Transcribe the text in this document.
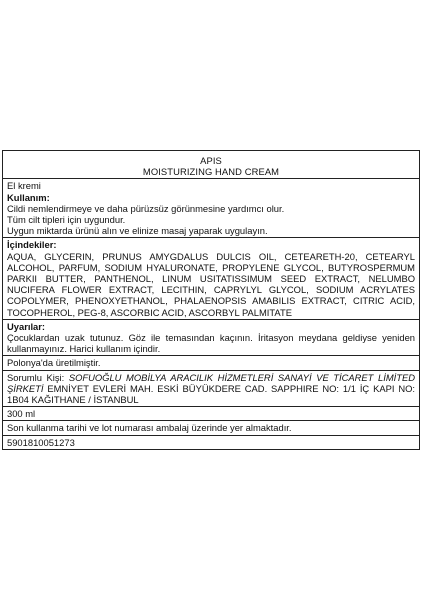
APIS
MOISTURIZING HAND CREAM
El kremi
Kullanım:
Cildi nemlendirmeye ve daha pürüzsüz görünmesine yardımcı olur.
Tüm cilt tipleri için uygundur.
Uygun miktarda ürünü alın ve elinize masaj yaparak uygulayın.
İçindekiler:
AQUA, GLYCERIN, PRUNUS AMYGDALUS DULCIS OIL, CETEARETH-20, CETEARYL ALCOHOL, PARFUM, SODIUM HYALURONATE, PROPYLENE GLYCOL, BUTYROSPERMUM PARKII BUTTER, PANTHENOL, LINUM USITATISSIMUM SEED EXTRACT, NELUMBO NUCIFERA FLOWER EXTRACT, LECITHIN, CAPRYLYL GLYCOL, SODIUM ACRYLATES COPOLYMER, PHENOXYETHANOL, PHALAENOPSIS AMABILIS EXTRACT, CITRIC ACID, TOCOPHEROL, PEG-8, ASCORBIC ACID, ASCORBYL PALMITATE
Uyarılar:
Çocuklardan uzak tutunuz. Göz ile temasından kaçının. İritasyon meydana geldiyse yeniden kullanmayınız. Harici kullanım içindir.
Polonya'da üretilmiştir.
Sorumlu Kişi: SOFUOĞLU MOBİLYA ARACILIK HİZMETLERİ SANAYİ VE TİCARET LİMİTED ŞİRKETİ EMNİYET EVLERİ MAH. ESKİ BÜYÜKDERE CAD. SAPPHIRE NO: 1/1 İÇ KAPI NO: 1B04 KAĞITHANE / İSTANBUL
300 ml
Son kullanma tarihi ve lot numarası ambalaj üzerinde yer almaktadır.
5901810051273
